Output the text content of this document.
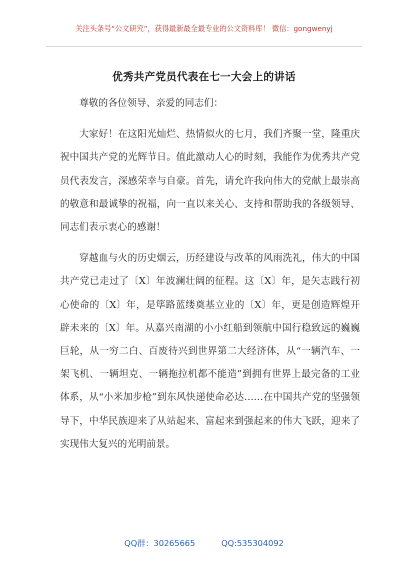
关注头条号“公文研究”，获得最新最全最专业的公文资料库！ 微信：gongwenyj
优秀共产党员代表在七一大会上的讲话

尊敬的各位领导、亲爱的同志们：

大家好！在这阳光灿烂、热情似火的七月，我们齐聚一堂，隆重庆祝中国共产党的光辉节日。值此激动人心的时刻，我能作为优秀共产党员代表发言，深感荣幸与自豪。首先，请允许我向伟大的党献上最崇高的敬意和最诚挚的祝福，向一直以来关心、支持和帮助我的各级领导、同志们表示衷心的感谢！

穿越血与火的历史烟云，历经建设与改革的风雨洗礼，伟大的中国共产党已走过了〔X〕年波澜壮阔的征程。这〔X〕年，是矢志践行初心使命的〔X〕年，是筚路蓝缕奠基立业的〔X〕年，更是创造辉煌开辟未来的〔X〕年。从嘉兴南湖的小小红船到领航中国行稳致远的巍巍巨轮，从一穷二白、百废待兴到世界第二大经济体，从“一辆汽车、一架飞机、一辆坦克、一辆拖拉机都不能造”到拥有世界上最完备的工业体系，从“小米加步枪”到东风快递使命必达……在中国共产党的坚强领导下，中华民族迎来了从站起来、富起来到强起来的伟大飞跃，迎来了实现伟大复兴的光明前景。

QQ群：30265665	QQ:535304092
